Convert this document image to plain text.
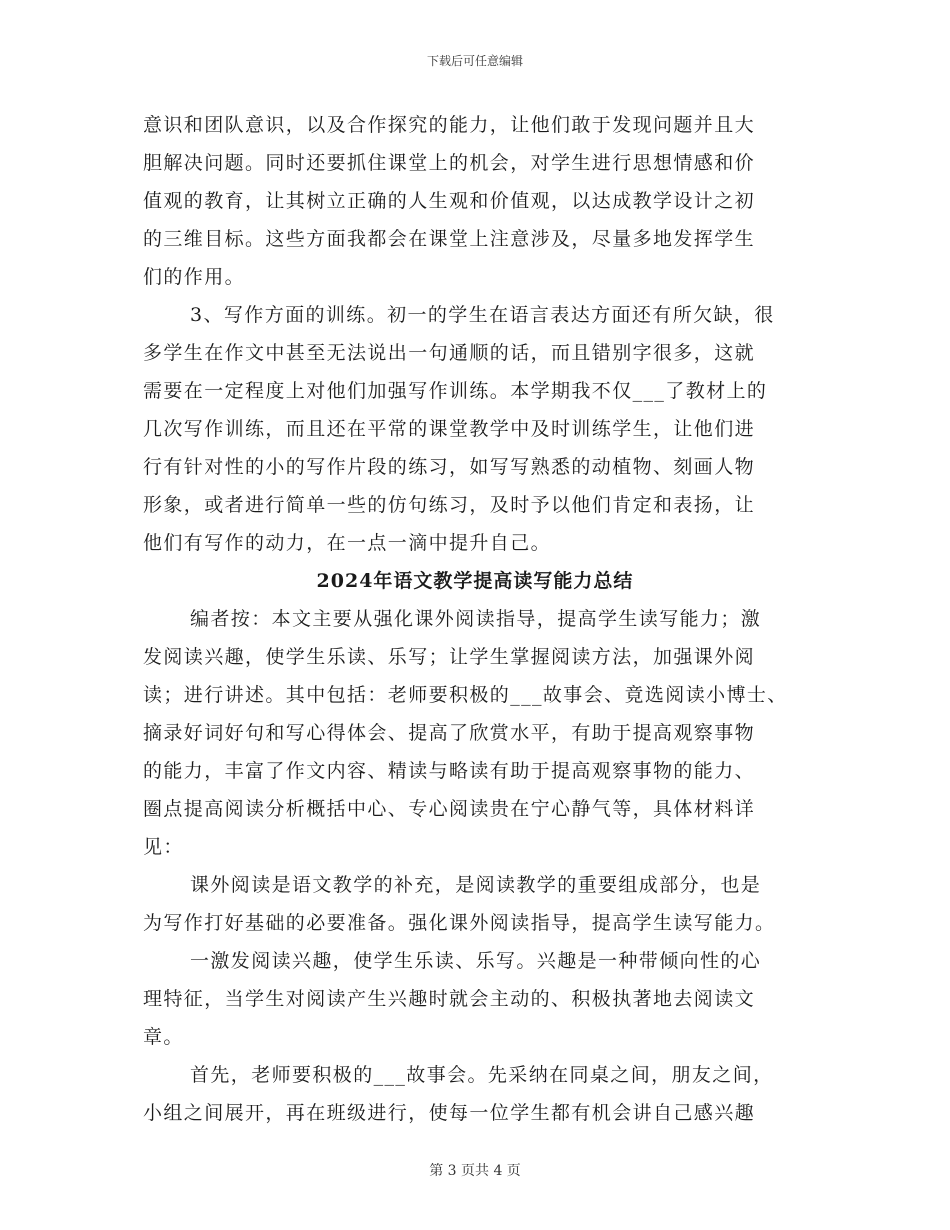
下载后可任意编辑
意识和团队意识，以及合作探究的能力，让他们敢于发现问题并且大
胆解决问题。同时还要抓住课堂上的机会，对学生进行思想情感和价
值观的教育，让其树立正确的人生观和价值观，以达成教学设计之初
的三维目标。这些方面我都会在课堂上注意涉及，尽量多地发挥学生
们的作用。
3、写作方面的训练。初一的学生在语言表达方面还有所欠缺，很
多学生在作文中甚至无法说出一句通顺的话，而且错别字很多，这就
需要在一定程度上对他们加强写作训练。本学期我不仅___了教材上的
几次写作训练，而且还在平常的课堂教学中及时训练学生，让他们进
行有针对性的小的写作片段的练习，如写写熟悉的动植物、刻画人物
形象，或者进行简单一些的仿句练习，及时予以他们肯定和表扬，让
他们有写作的动力，在一点一滴中提升自己。
2024年语文教学提高读写能力总结
编者按：本文主要从强化课外阅读指导，提高学生读写能力；激
发阅读兴趣，使学生乐读、乐写；让学生掌握阅读方法，加强课外阅
读；进行讲述。其中包括：老师要积极的___故事会、竟选阅读小博士、
摘录好词好句和写心得体会、提高了欣赏水平，有助于提高观察事物
的能力，丰富了作文内容、精读与略读有助于提高观察事物的能力、
圈点提高阅读分析概括中心、专心阅读贵在宁心静气等，具体材料详
见：
课外阅读是语文教学的补充，是阅读教学的重要组成部分，也是
为写作打好基础的必要准备。强化课外阅读指导，提高学生读写能力。
一激发阅读兴趣，使学生乐读、乐写。兴趣是一种带倾向性的心
理特征，当学生对阅读产生兴趣时就会主动的、积极执著地去阅读文
章。
首先，老师要积极的___故事会。先采纳在同桌之间，朋友之间，
小组之间展开，再在班级进行，使每一位学生都有机会讲自己感兴趣
第 3 页共 4 页
